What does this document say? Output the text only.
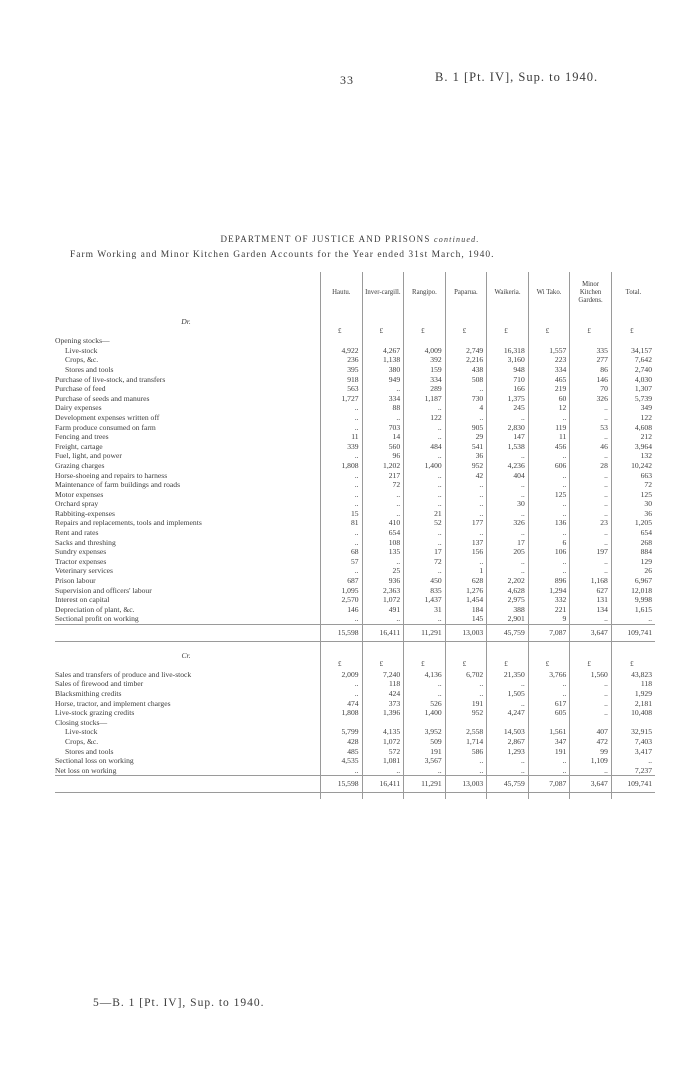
33	B. 1 [Pt. IV], Sup. to 1940.
DEPARTMENT OF JUSTICE AND PRISONS continued.
Farm Working and Minor Kitchen Garden Accounts for the Year ended 31st March, 1940.
	Hautu.	Inver-cargill.	Rangipo.	Paparua.	Waikeria.	Wi Tako.	Minor Kitchen Gardens.	Total.
Dr.								
	£	£	£	£	£	£	£	£
Opening stocks—								
Live-stock	4,922	4,267	4,009	2,749	16,318	1,557	335	34,157
Crops, &c.	236	1,138	392	2,216	3,160	223	277	7,642
Stores and tools	395	380	159	438	948	334	86	2,740
Purchase of live-stock, and transfers	918	949	334	508	710	465	146	4,030
Purchase of feed	563	..	289	..	166	219	70	1,307
Purchase of seeds and manures	1,727	334	1,187	730	1,375	60	326	5,739
Dairy expenses	..	88	..	4	245	12	..	349
Development expenses written off	..	..	122	..	..	..	..	122
Farm produce consumed on farm	..	703	..	905	2,830	119	53	4,608
Fencing and trees	11	14	..	29	147	11	..	212
Freight, cartage	339	560	484	541	1,538	456	46	3,964
Fuel, light, and power	..	96	..	36	..	..	..	132
Grazing charges	1,808	1,202	1,400	952	4,236	606	28	10,242
Horse-shoeing and repairs to harness	..	217	..	42	404	..	..	663
Maintenance of farm buildings and roads	..	72	..	..	..	..	..	72
Motor expenses	..	..	..	..	..	125	..	125
Orchard spray	..	..	..	..	30	..	..	30
Rabbiting-expenses	15	..	21	..	..	..	..	36
Repairs and replacements, tools and implements	81	410	52	177	326	136	23	1,205
Rent and rates	..	654	..	..	..	..	..	654
Sacks and threshing	..	108	..	137	17	6	..	268
Sundry expenses	68	135	17	156	205	106	197	884
Tractor expenses	57	..	72	..	..	..	..	129
Veterinary services	..	25	..	1	..	..	..	26
Prison labour	687	936	450	628	2,202	896	1,168	6,967
Supervision and officers' labour	1,095	2,363	835	1,276	4,628	1,294	627	12,018
Interest on capital	2,570	1,072	1,437	1,454	2,975	332	131	9,998
Depreciation of plant, &c.	146	491	31	184	388	221	134	1,615
Sectional profit on working	..	..	..	145	2,901	9	..	..
	15,598	16,411	11,291	13,003	45,759	7,087	3,647	109,741

Cr.								
	£	£	£	£	£	£	£	£
Sales and transfers of produce and live-stock	2,009	7,240	4,136	6,702	21,350	3,766	1,560	43,823
Sales of firewood and timber	..	118	..	..	..	..	..	118
Blacksmithing credits	..	424	..	..	1,505	..	..	1,929
Horse, tractor, and implement charges	474	373	526	191	..	617	..	2,181
Live-stock grazing credits	1,808	1,396	1,400	952	4,247	605	..	10,408
Closing stocks—								
Live-stock	5,799	4,135	3,952	2,558	14,503	1,561	407	32,915
Crops, &c.	428	1,072	509	1,714	2,867	347	472	7,403
Stores and tools	485	572	191	586	1,293	191	99	3,417
Sectional loss on working	4,535	1,081	3,567	..	..	..	1,109	..
Net loss on working	..	..	..	..	..	..	..	7,237
	15,598	16,411	11,291	13,003	45,759	7,087	3,647	109,741

5—B. 1 [Pt. IV], Sup. to 1940.
